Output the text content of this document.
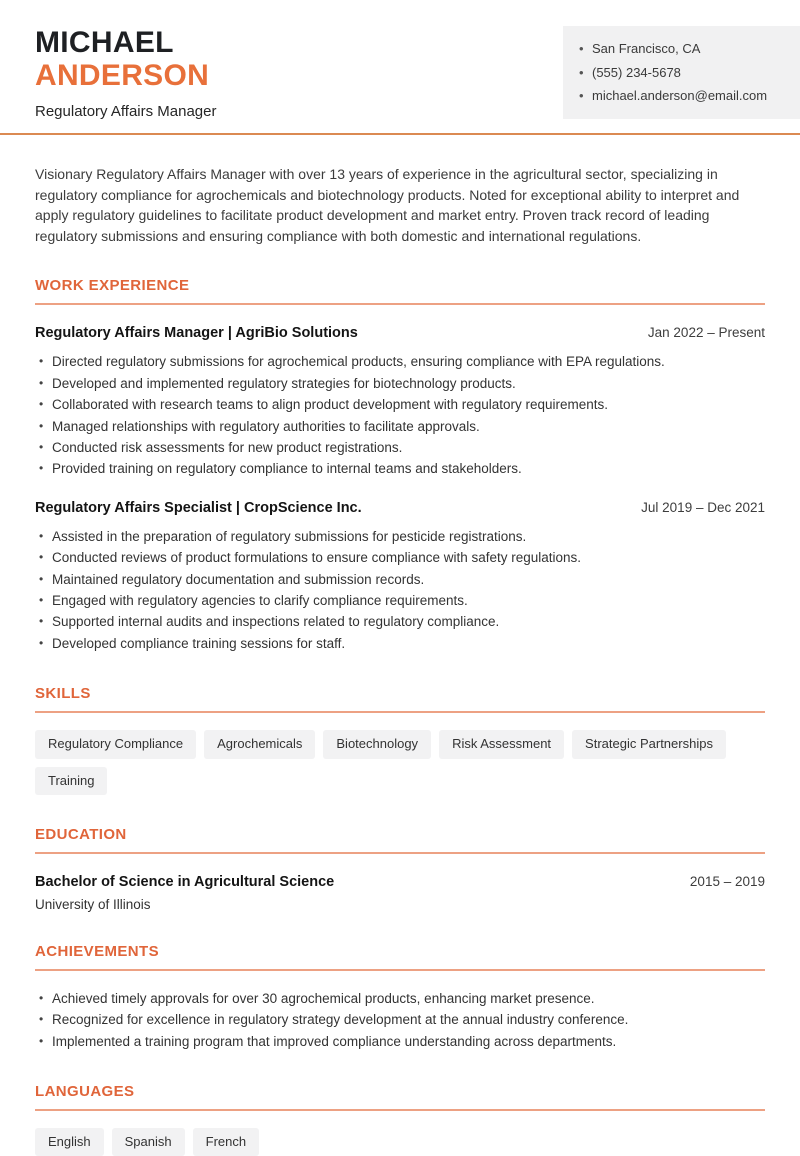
MICHAEL
ANDERSON
Regulatory Affairs Manager
• San Francisco, CA
• (555) 234-5678
• michael.anderson@email.com

Visionary Regulatory Affairs Manager with over 13 years of experience in the agricultural sector, specializing in regulatory compliance for agrochemicals and biotechnology products. Noted for exceptional ability to interpret and apply regulatory guidelines to facilitate product development and market entry. Proven track record of leading regulatory submissions and ensuring compliance with both domestic and international regulations.

WORK EXPERIENCE
Regulatory Affairs Manager | AgriBio Solutions	Jan 2022 – Present
• Directed regulatory submissions for agrochemical products, ensuring compliance with EPA regulations.
• Developed and implemented regulatory strategies for biotechnology products.
• Collaborated with research teams to align product development with regulatory requirements.
• Managed relationships with regulatory authorities to facilitate approvals.
• Conducted risk assessments for new product registrations.
• Provided training on regulatory compliance to internal teams and stakeholders.
Regulatory Affairs Specialist | CropScience Inc.	Jul 2019 – Dec 2021
• Assisted in the preparation of regulatory submissions for pesticide registrations.
• Conducted reviews of product formulations to ensure compliance with safety regulations.
• Maintained regulatory documentation and submission records.
• Engaged with regulatory agencies to clarify compliance requirements.
• Supported internal audits and inspections related to regulatory compliance.
• Developed compliance training sessions for staff.
SKILLS
Regulatory Compliance	Agrochemicals	Biotechnology	Risk Assessment	Strategic Partnerships
Training
EDUCATION
Bachelor of Science in Agricultural Science	2015 – 2019
University of Illinois
ACHIEVEMENTS
• Achieved timely approvals for over 30 agrochemical products, enhancing market presence.
• Recognized for excellence in regulatory strategy development at the annual industry conference.
• Implemented a training program that improved compliance understanding across departments.
LANGUAGES
English	Spanish	French
